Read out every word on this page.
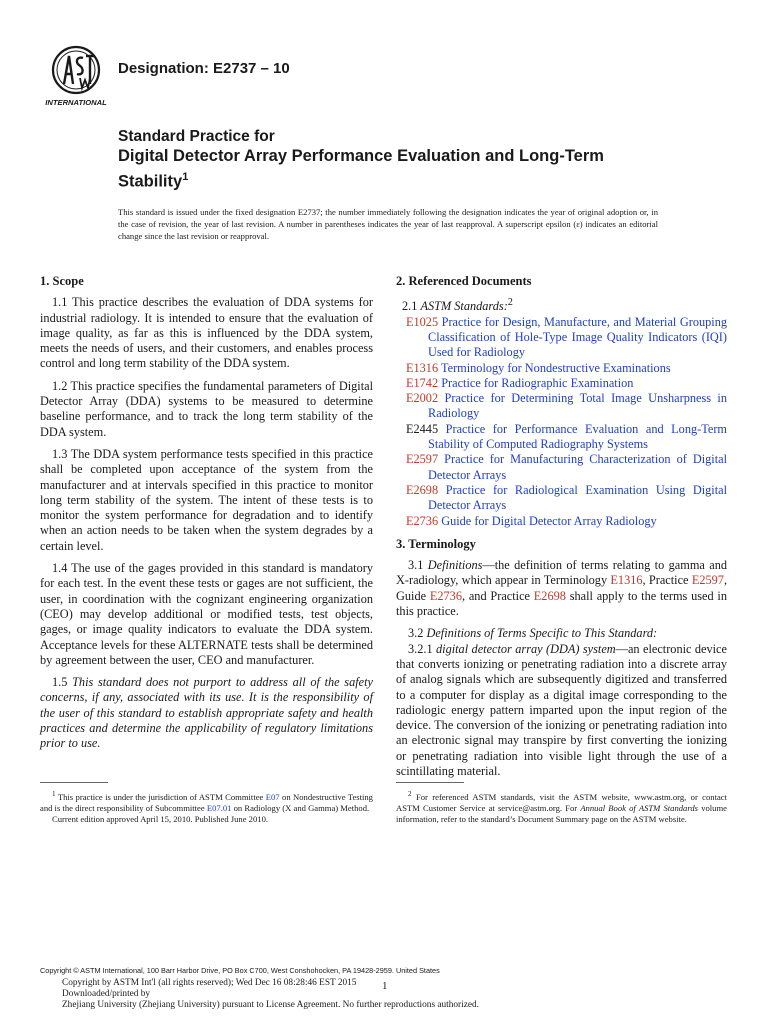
INTERNATIONAL
Designation: E2737 – 10
Standard Practice for
Digital Detector Array Performance Evaluation and Long-Term Stability$^1$
This standard is issued under the fixed designation E2737; the number immediately following the designation indicates the year of original adoption or, in the case of revision, the year of last revision. A number in parentheses indicates the year of last reapproval. A superscript epsilon (ε) indicates an editorial change since the last revision or reapproval.
1. Scope

1.1 This practice describes the evaluation of DDA systems for industrial radiology. It is intended to ensure that the evaluation of image quality, as far as this is influenced by the DDA system, meets the needs of users, and their customers, and enables process control and long term stability of the DDA system.

1.2 This practice specifies the fundamental parameters of Digital Detector Array (DDA) systems to be measured to determine baseline performance, and to track the long term stability of the DDA system.

1.3 The DDA system performance tests specified in this practice shall be completed upon acceptance of the system from the manufacturer and at intervals specified in this practice to monitor long term stability of the system. The intent of these tests is to monitor the system performance for degradation and to identify when an action needs to be taken when the system degrades by a certain level.

1.4 The use of the gages provided in this standard is mandatory for each test. In the event these tests or gages are not sufficient, the user, in coordination with the cognizant engineering organization (CEO) may develop additional or modified tests, test objects, gages, or image quality indicators to evaluate the DDA system. Acceptance levels for these ALTERNATE tests shall be determined by agreement between the user, CEO and manufacturer.

1.5 This standard does not purport to address all of the safety concerns, if any, associated with its use. It is the responsibility of the user of this standard to establish appropriate safety and health practices and determine the applicability of regulatory limitations prior to use.

2. Referenced Documents

2.1 ASTM Standards:$^2$

E1025 Practice for Design, Manufacture, and Material Grouping Classification of Hole-Type Image Quality Indicators (IQI) Used for Radiology

E1316 Terminology for Nondestructive Examinations

E1742 Practice for Radiographic Examination

E2002 Practice for Determining Total Image Unsharpness in Radiology

E2445 Practice for Performance Evaluation and Long-Term Stability of Computed Radiography Systems

E2597 Practice for Manufacturing Characterization of Digital Detector Arrays

E2698 Practice for Radiological Examination Using Digital Detector Arrays

E2736 Guide for Digital Detector Array Radiology

3. Terminology

3.1 Definitions—the definition of terms relating to gamma and X-radiology, which appear in Terminology E1316, Practice E2597, Guide E2736, and Practice E2698 shall apply to the terms used in this practice.

3.2 Definitions of Terms Specific to This Standard:

3.2.1 digital detector array (DDA) system—an electronic device that converts ionizing or penetrating radiation into a discrete array of analog signals which are subsequently digitized and transferred to a computer for display as a digital image corresponding to the radiologic energy pattern imparted upon the input region of the device. The conversion of the ionizing or penetrating radiation into an electronic signal may transpire by first converting the ionizing or penetrating radiation into visible light through the use of a scintillating material.

$^1$ This practice is under the jurisdiction of ASTM Committee E07 on Nondestructive Testing and is the direct responsibility of Subcommittee E07.01 on Radiology (X and Gamma) Method.

Current edition approved April 15, 2010. Published June 2010.

$^2$ For referenced ASTM standards, visit the ASTM website, www.astm.org, or contact ASTM Customer Service at service@astm.org. For Annual Book of ASTM Standards volume information, refer to the standard’s Document Summary page on the ASTM website.

Copyright © ASTM International, 100 Barr Harbor Drive, PO Box C700, West Conshohocken, PA 19428-2959. United States
Copyright by ASTM Int'l (all rights reserved); Wed Dec 16 08:28:46 EST 2015
Downloaded/printed by
Zhejiang University (Zhejiang University) pursuant to License Agreement. No further reproductions authorized.
1
